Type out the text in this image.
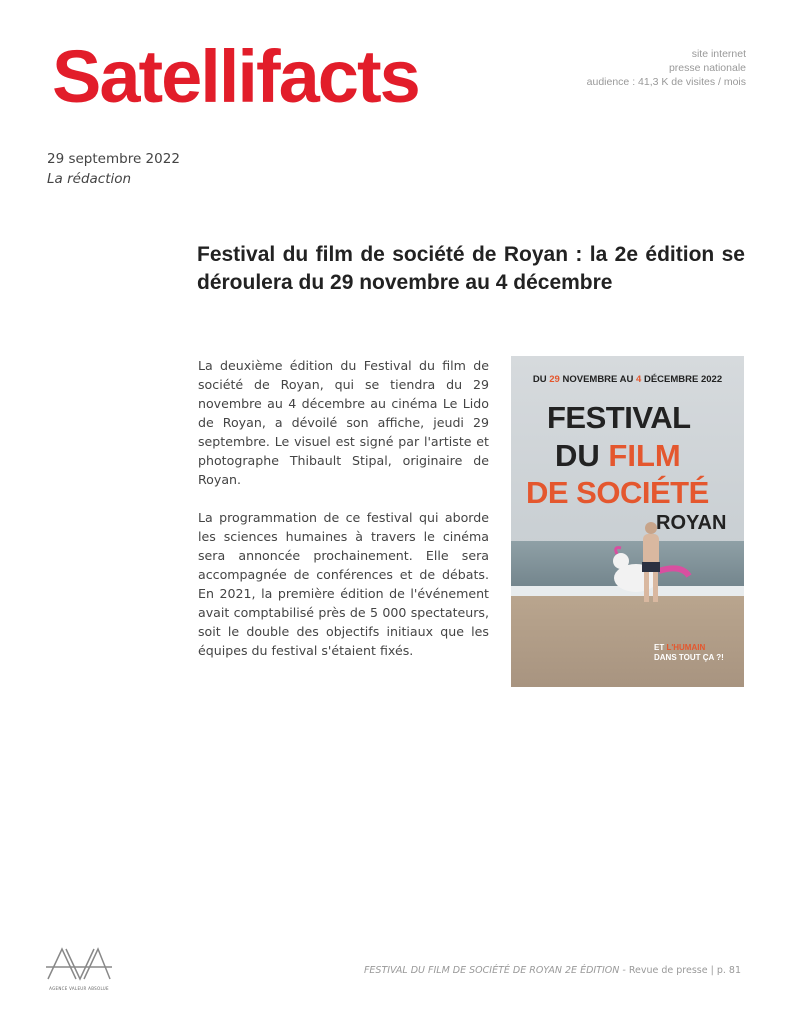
Satellifacts	site internet
presse nationale
audience : 41,3 K de visites / mois
29 septembre 2022
La rédaction
Festival du film de société de Royan : la 2e édition se déroulera du 29 novembre au 4 décembre

La deuxième édition du Festival du film de société de Royan, qui se tiendra du 29 novembre au 4 décembre au cinéma Le Lido de Royan, a dévoilé son affiche, jeudi 29 septembre. Le visuel est signé par l'artiste et photographe Thibault Stipal, originaire de Royan.

La programmation de ce festival qui aborde les sciences humaines à travers le cinéma sera annoncée prochainement. Elle sera accompagnée de conférences et de débats. En 2021, la première édition de l'événement avait comptabilisé près de 5 000 spectateurs, soit le double des objectifs initiaux que les équipes du festival s'étaient fixés.

DU 29 NOVEMBRE AU 4 DÉCEMBRE 2022
FESTIVAL
DU FILM
DE SOCIÉTÉ
ROYAN
ET L'HUMAIN
DANS TOUT ÇA ?!
AGENCE VALEUR ABSOLUE
FESTIVAL DU FILM DE SOCIÉTÉ DE ROYAN 2E ÉDITION - Revue de presse | p. 81
